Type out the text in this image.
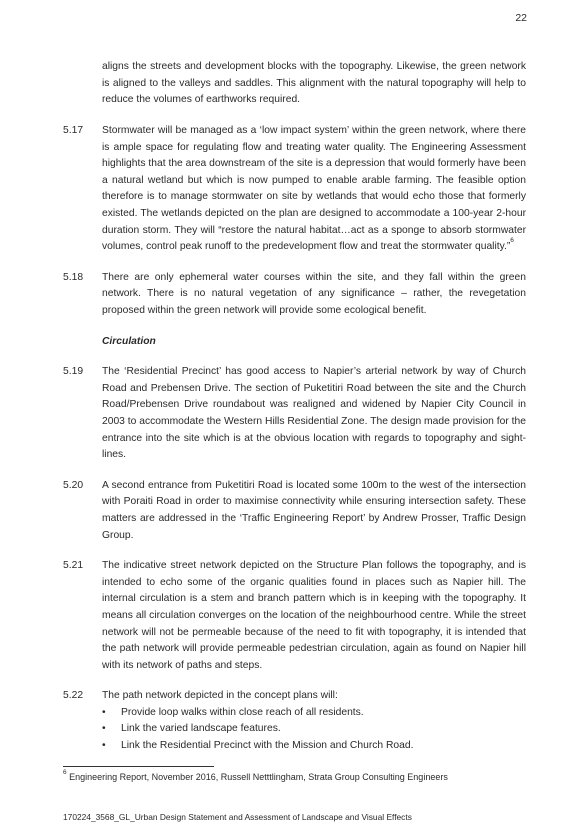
22

aligns the streets and development blocks with the topography. Likewise, the green network is aligned to the valleys and saddles. This alignment with the natural topography will help to reduce the volumes of earthworks required.

5.17	Stormwater will be managed as a ‘low impact system’ within the green network, where there is ample space for regulating flow and treating water quality. The Engineering Assessment highlights that the area downstream of the site is a depression that would formerly have been a natural wetland but which is now pumped to enable arable farming. The feasible option therefore is to manage stormwater on site by wetlands that would echo those that formerly existed. The wetlands depicted on the plan are designed to accommodate a 100-year 2-hour duration storm. They will “restore the natural habitat…act as a sponge to absorb stormwater volumes, control peak runoff to the predevelopment flow and treat the stormwater quality.”$^6$

5.18	There are only ephemeral water courses within the site, and they fall within the green network. There is no natural vegetation of any significance – rather, the revegetation proposed within the green network will provide some ecological benefit.

Circulation
5.19	The ‘Residential Precinct’ has good access to Napier’s arterial network by way of Church Road and Prebensen Drive. The section of Puketitiri Road between the site and the Church Road/Prebensen Drive roundabout was realigned and widened by Napier City Council in 2003 to accommodate the Western Hills Residential Zone. The design made provision for the entrance into the site which is at the obvious location with regards to topography and sight-lines.

5.20	A second entrance from Puketitiri Road is located some 100m to the west of the intersection with Poraiti Road in order to maximise connectivity while ensuring intersection safety. These matters are addressed in the ‘Traffic Engineering Report’ by Andrew Prosser, Traffic Design Group.

5.21	The indicative street network depicted on the Structure Plan follows the topography, and is intended to echo some of the organic qualities found in places such as Napier hill. The internal circulation is a stem and branch pattern which is in keeping with the topography. It means all circulation converges on the location of the neighbourhood centre. While the street network will not be permeable because of the need to fit with topography, it is intended that the path network will provide permeable pedestrian circulation, again as found on Napier hill with its network of paths and steps.

5.22	The path network depicted in the concept plans will:
•	Provide loop walks within close reach of all residents.
•	Link the varied landscape features.
•	Link the Residential Precinct with the Mission and Church Road.
$^6$ Engineering Report, November 2016, Russell Netttlingham, Strata Group Consulting Engineers
170224_3568_GL_Urban Design Statement and Assessment of Landscape and Visual Effects
